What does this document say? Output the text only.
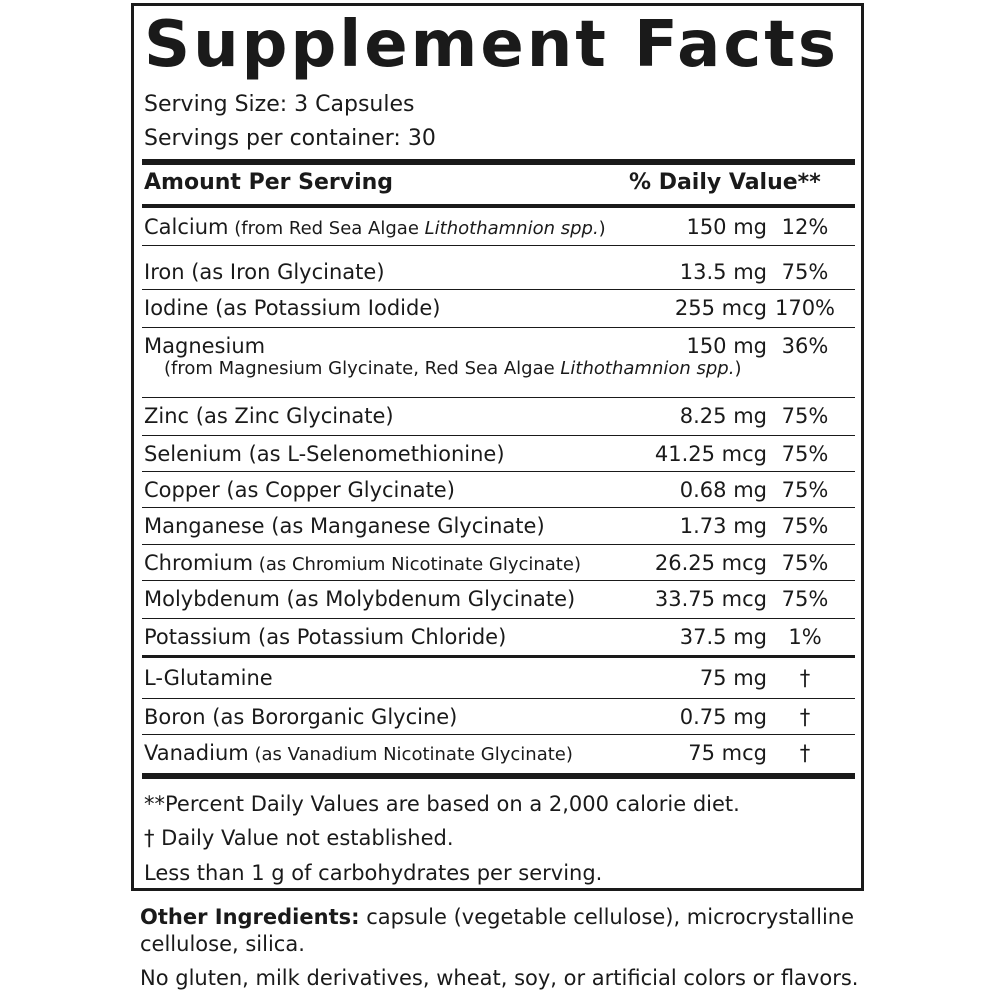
Supplement Facts
Serving Size: 3 Capsules
Servings per container: 30
Amount Per Serving	% Daily Value**
Calcium (from Red Sea Algae Lithothamnion spp.)	150 mg 12%
Iron (as Iron Glycinate)	13.5 mg 75%
Iodine (as Potassium Iodide)	255 mcg 170%
Magnesium	150 mg 36%
(from Magnesium Glycinate, Red Sea Algae Lithothamnion spp.)
Zinc (as Zinc Glycinate)	8.25 mg 75%
Selenium (as L-Selenomethionine)	41.25 mcg 75%
Copper (as Copper Glycinate)	0.68 mg 75%
Manganese (as Manganese Glycinate)	1.73 mg 75%
Chromium (as Chromium Nicotinate Glycinate)	26.25 mcg 75%
Molybdenum (as Molybdenum Glycinate)	33.75 mcg 75%
Potassium (as Potassium Chloride)	37.5 mg	1%
L-Glutamine	75 mg	†
Boron (as Bororganic Glycine)	0.75 mg	†
Vanadium (as Vanadium Nicotinate Glycinate)	75 mcg	†
**Percent Daily Values are based on a 2,000 calorie diet.
† Daily Value not established.
Less than 1 g of carbohydrates per serving.
Other Ingredients: capsule (vegetable cellulose), microcrystalline
cellulose, silica.
No gluten, milk derivatives, wheat, soy, or artificial colors or flavors.
